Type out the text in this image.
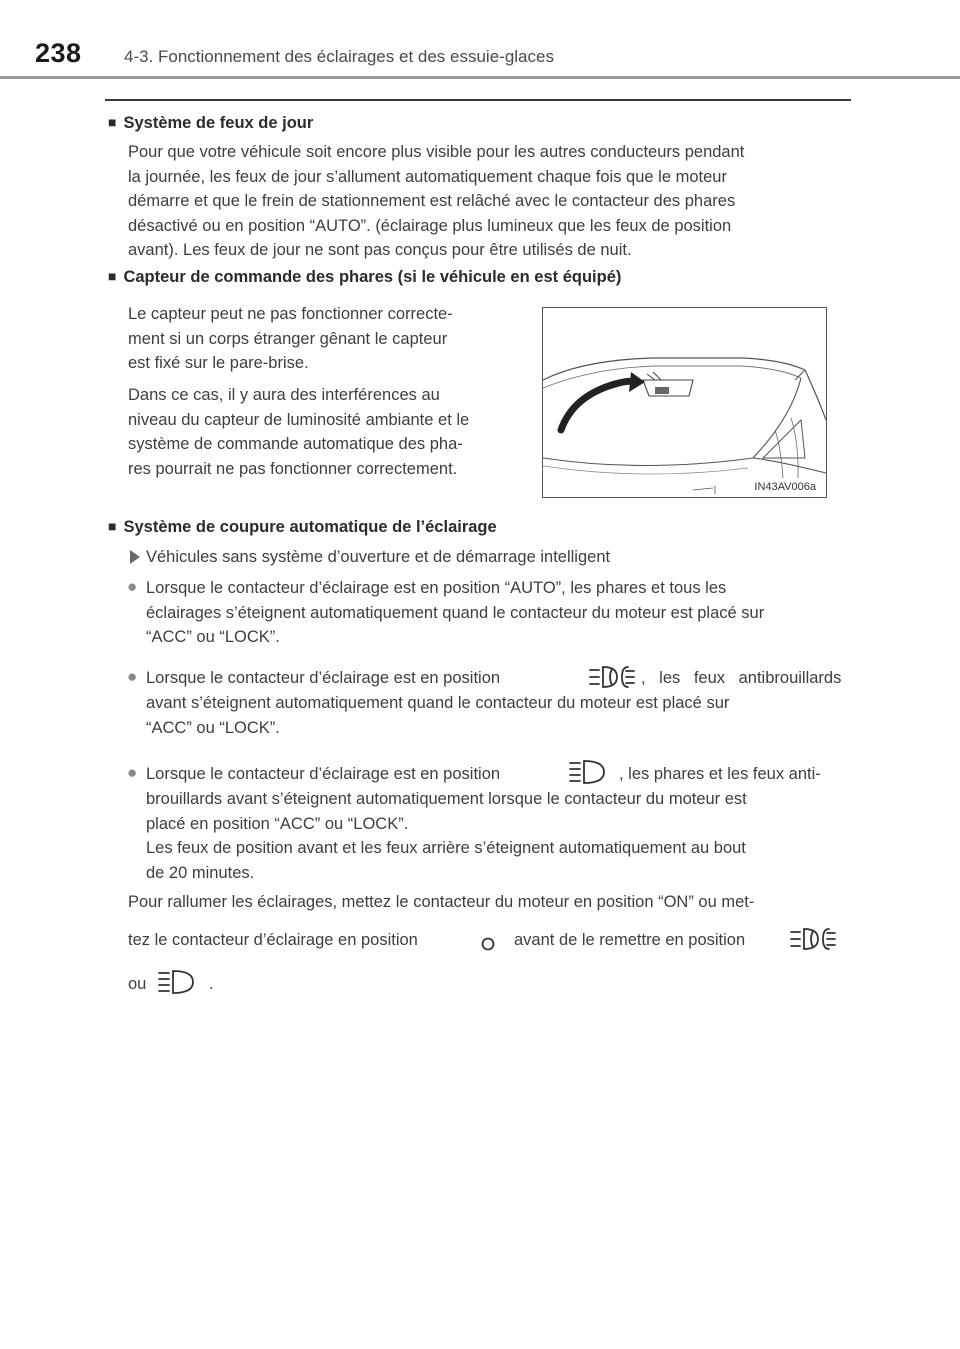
238 4-3. Fonctionnement des éclairages et des essuie-glaces
■ Système de feux de jour
Pour que votre véhicule soit encore plus visible pour les autres conducteurs pendant
la journée, les feux de jour s’allument automatiquement chaque fois que le moteur
démarre et que le frein de stationnement est relâché avec le contacteur des phares
désactivé ou en position “AUTO”. (éclairage plus lumineux que les feux de position
avant). Les feux de jour ne sont pas conçus pour être utilisés de nuit.
■ Capteur de commande des phares (si le véhicule en est équipé)
Le capteur peut ne pas fonctionner correcte-
ment si un corps étranger gênant le capteur
est fixé sur le pare-brise.
Dans ce cas, il y aura des interférences au
niveau du capteur de luminosité ambiante et le
système de commande automatique des pha-
res pourrait ne pas fonctionner correctement.
IN43AV006a
■ Système de coupure automatique de l’éclairage
Véhicules sans système d’ouverture et de démarrage intelligent
● Lorsque le contacteur d’éclairage est en position “AUTO”, les phares et tous les
éclairages s’éteignent automatiquement quand le contacteur du moteur est placé sur
“ACC” ou “LOCK”.
● Lorsque le contacteur d’éclairage est en position	, les feux antibrouillards
avant s’éteignent automatiquement quand le contacteur du moteur est placé sur
“ACC” ou “LOCK”.
● Lorsque le contacteur d’éclairage est en position	, les phares et les feux anti-
brouillards avant s’éteignent automatiquement lorsque le contacteur du moteur est
placé en position “ACC” ou “LOCK”.
Les feux de position avant et les feux arrière s’éteignent automatiquement au bout
de 20 minutes.
Pour rallumer les éclairages, mettez le contacteur du moteur en position “ON” ou met-
tez le contacteur d’éclairage en position	avant de le remettre en position
ou	.
